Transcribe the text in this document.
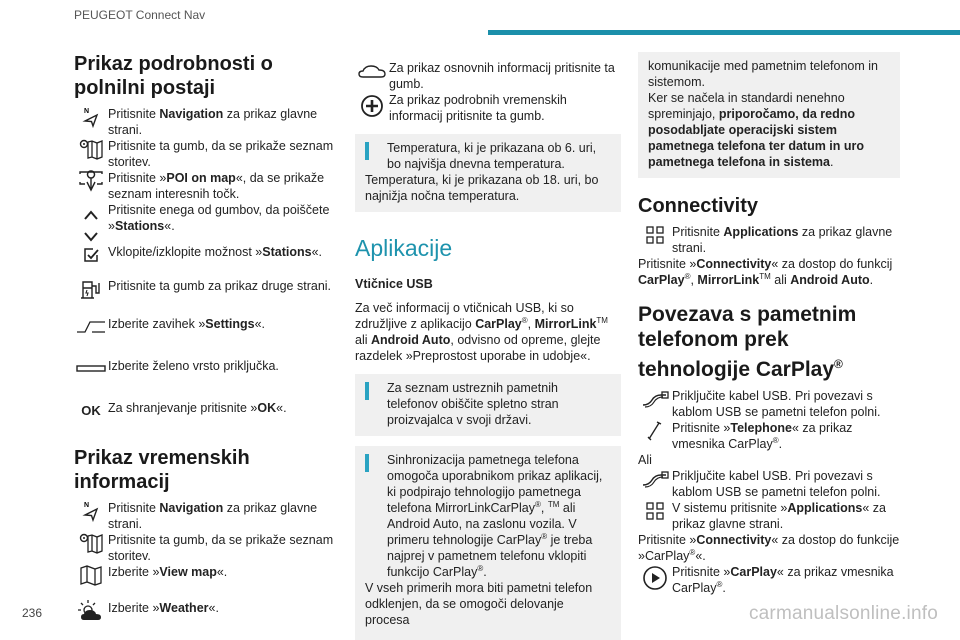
PEUGEOT Connect Nav
Prikaz podrobnosti o polnilni postaji
N Pritisnite Navigation za prikaz glavne strani.

Pritisnite ta gumb, da se prikaže seznam storitev.

Pritisnite »POI on map«, da se prikaže seznam interesnih točk.

Pritisnite enega od gumbov, da poiščete »Stations«.

Vklopite/izklopite možnost »Stations«.

Pritisnite ta gumb za prikaz druge strani.

Izberite zavihek »Settings«.

Izberite želeno vrsto priključka.

OK Za shranjevanje pritisnite »OK«.

Prikaz vremenskih informacij
N Pritisnite Navigation za prikaz glavne strani.

Pritisnite ta gumb, da se prikaže seznam storitev.

Izberite »View map«.

Izberite »Weather«.

Za prikaz osnovnih informacij pritisnite ta gumb.

Za prikaz podrobnih vremenskih informacij pritisnite ta gumb.

Temperatura, ki je prikazana ob 6. uri, bo najvišja dnevna temperatura.

Temperatura, ki je prikazana ob 18. uri, bo najnižja nočna temperatura.

Aplikacije
Vtičnice USB

Za več informacij o vtičnicah USB, ki so združljive z aplikacijo CarPlay®, MirrorLink™ ali Android Auto, odvisno od opreme, glejte razdelek »Preprostost uporabe in udobje«.

Za seznam ustreznih pametnih telefonov obiščite spletno stran proizvajalca v svoji državi.

Sinhronizacija pametnega telefona omogoča uporabnikom prikaz aplikacij, ki podpirajo tehnologijo pametnega telefona MirrorLinkCarPlay®, ™ ali Android Auto, na zaslonu vozila. V primeru tehnologije CarPlay® je treba najprej v pametnem telefonu vklopiti funkcijo CarPlay®.

V vseh primerih mora biti pametni telefon odklenjen, da se omogoči delovanje procesa

komunikacije med pametnim telefonom in sistemom.

Ker se načela in standardi nenehno spreminjajo, priporočamo, da redno posodabljate operacijski sistem pametnega telefona ter datum in uro pametnega telefona in sistema.

Connectivity

Pritisnite Applications za prikaz glavne strani.

Pritisnite »Connectivity« za dostop do funkcij CarPlay®, MirrorLink™ ali Android Auto.

Povezava s pametnim telefonom prek tehnologije CarPlay®

Priključite kabel USB. Pri povezavi s kablom USB se pametni telefon polni.

Pritisnite »Telephone« za prikaz vmesnika CarPlay®.

Ali

Priključite kabel USB. Pri povezavi s kablom USB se pametni telefon polni.

V sistemu pritisnite »Applications« za prikaz glavne strani.

Pritisnite »Connectivity« za dostop do funkcije »CarPlay®«.

Pritisnite »CarPlay« za prikaz vmesnika CarPlay®.

236	carmanualsonline.info
